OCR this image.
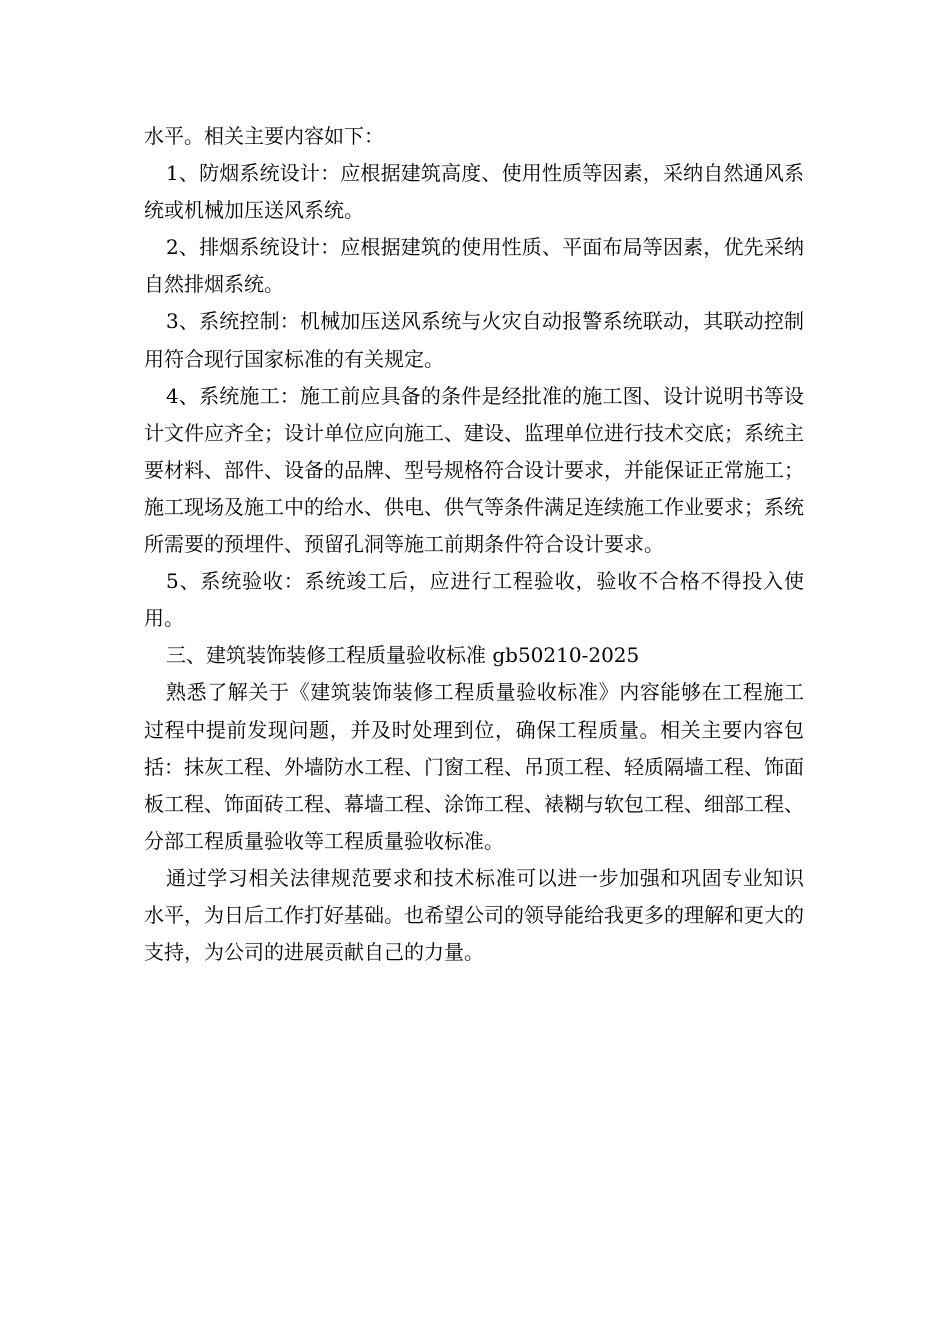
水平。相关主要内容如下：

1、防烟系统设计：应根据建筑高度、使用性质等因素，采纳自然通风系统或机械加压送风系统。

2、排烟系统设计：应根据建筑的使用性质、平面布局等因素，优先采纳自然排烟系统。

3、系统控制：机械加压送风系统与火灾自动报警系统联动，其联动控制用符合现行国家标准的有关规定。

4、系统施工：施工前应具备的条件是经批准的施工图、设计说明书等设计文件应齐全；设计单位应向施工、建设、监理单位进行技术交底；系统主要材料、部件、设备的品牌、型号规格符合设计要求，并能保证正常施工；施工现场及施工中的给水、供电、供气等条件满足连续施工作业要求；系统所需要的预埋件、预留孔洞等施工前期条件符合设计要求。

5、系统验收：系统竣工后，应进行工程验收，验收不合格不得投入使用。

三、建筑装饰装修工程质量验收标准 gb50210-2025

熟悉了解关于《建筑装饰装修工程质量验收标准》内容能够在工程施工过程中提前发现问题，并及时处理到位，确保工程质量。相关主要内容包括：抹灰工程、外墙防水工程、门窗工程、吊顶工程、轻质隔墙工程、饰面板工程、饰面砖工程、幕墙工程、涂饰工程、裱糊与软包工程、细部工程、分部工程质量验收等工程质量验收标准。

通过学习相关法律规范要求和技术标准可以进一步加强和巩固专业知识水平，为日后工作打好基础。也希望公司的领导能给我更多的理解和更大的支持，为公司的进展贡献自己的力量。
